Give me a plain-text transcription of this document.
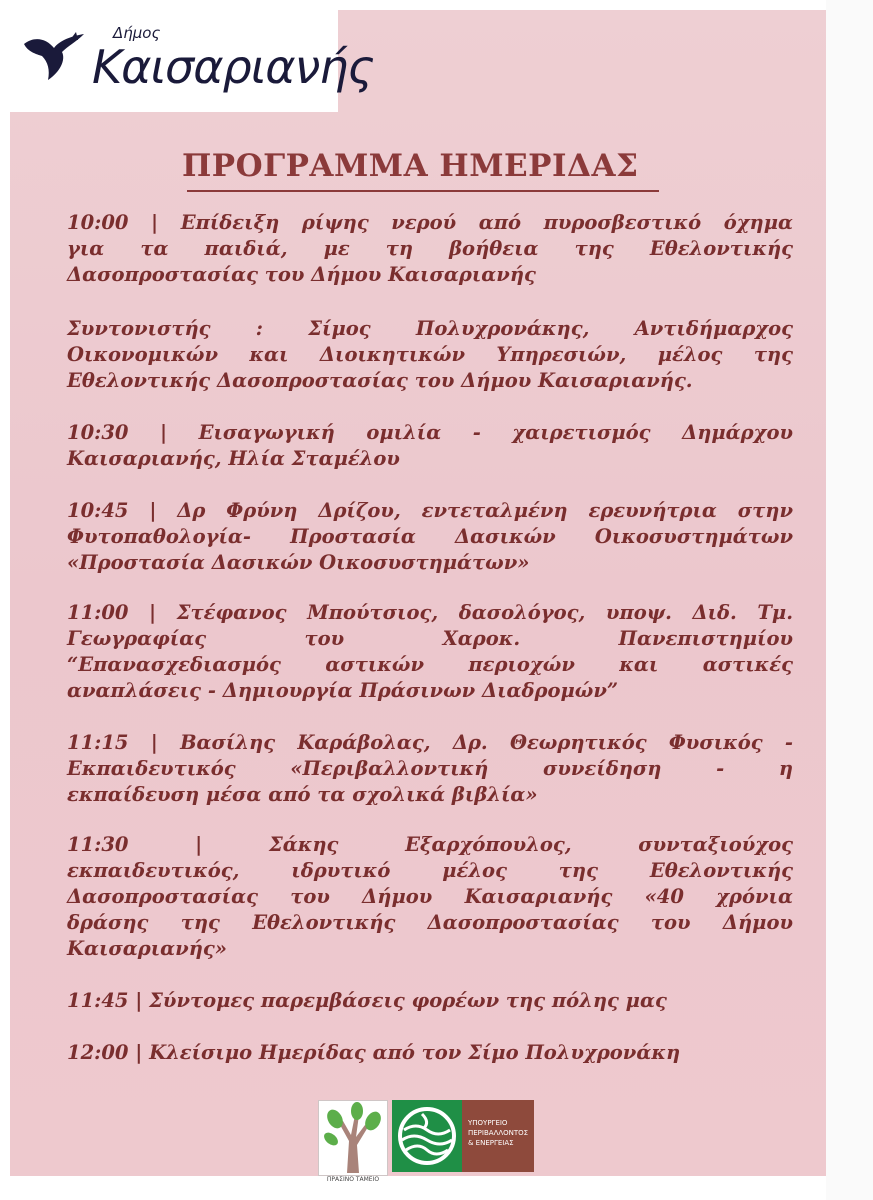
Δήμος
Καισαριανής
ΠΡΟΓΡΑΜΜΑ ΗΜΕΡΙΔΑΣ
10:00 | Επίδειξη ρίψης νερού από πυροσβεστικό όχημα
για τα παιδιά, με τη βοήθεια της Εθελοντικής
Δασοπροστασίας του Δήμου Καισαριανής
Συντονιστής : Σίμος Πολυχρονάκης, Αντιδήμαρχος
Οικονομικών και Διοικητικών Υπηρεσιών, μέλος της
Εθελοντικής Δασοπροστασίας του Δήμου Καισαριανής.
10:30 | Εισαγωγική ομιλία - χαιρετισμός Δημάρχου
Καισαριανής, Ηλία Σταμέλου
10:45 | Δρ Φρύνη Δρίζου, εντεταλμένη ερευνήτρια στην
Φυτοπαθολογία- Προστασία Δασικών Οικοσυστημάτων
«Προστασία Δασικών Οικοσυστημάτων»
11:00 | Στέφανος Μπούτσιος, δασολόγος, υποψ. Διδ. Τμ.
Γεωγραφίας του Χαροκ. Πανεπιστημίου
“Επανασχεδιασμός αστικών περιοχών και αστικές
αναπλάσεις - Δημιουργία Πράσινων Διαδρομών”
11:15 | Βασίλης Καράβολας, Δρ. Θεωρητικός Φυσικός -
Εκπαιδευτικός «Περιβαλλοντική συνείδηση - η
εκπαίδευση μέσα από τα σχολικά βιβλία»
11:30 | Σάκης Εξαρχόπουλος, συνταξιούχος
εκπαιδευτικός, ιδρυτικό μέλος της Εθελοντικής
Δασοπροστασίας του Δήμου Καισαριανής «40 χρόνια
δράσης της Εθελοντικής Δασοπροστασίας του Δήμου
Καισαριανής»
11:45 | Σύντομες παρεμβάσεις φορέων της πόλης μας
12:00 | Κλείσιμο Ημερίδας από τον Σίμο Πολυχρονάκη
ΠΡΑΣΙΝΟ ΤΑΜΕΙΟ
ΥΠΟΥΡΓΕΙΟ
ΠΕΡΙΒΑΛΛΟΝΤΟΣ
& ΕΝΕΡΓΕΙΑΣ
